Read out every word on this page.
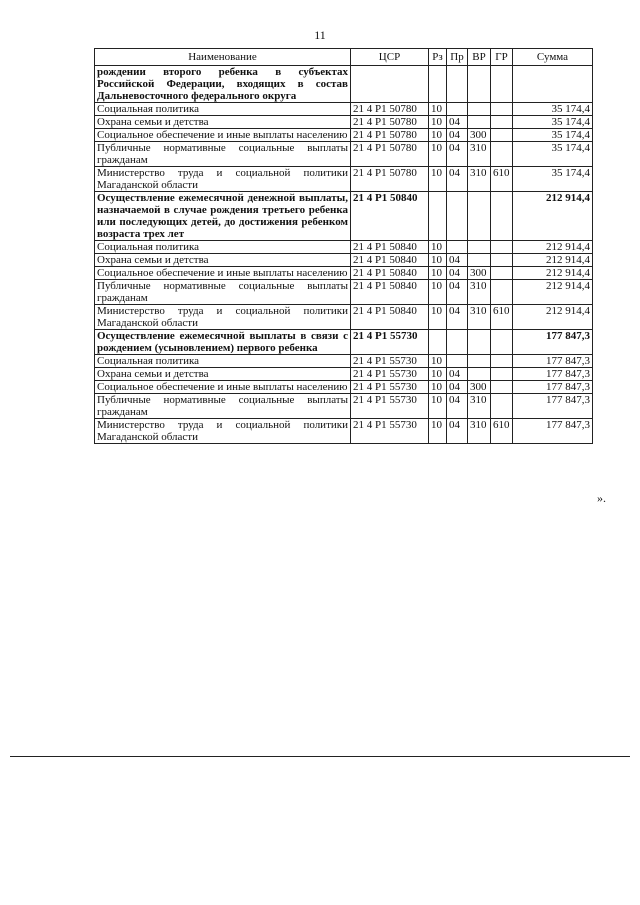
11
Наименование	ЦСР	Рз	Пр	ВР	ГР	Сумма
рождении второго ребенка в субъектах Российской Федерации, входящих в состав Дальневосточного федерального округа						
Социальная политика	21 4 P1 50780	10				35 174,4
Охрана семьи и детства	21 4 P1 50780	10	04			35 174,4
Социальное обеспечение и иные выплаты населению	21 4 P1 50780	10	04	300		35 174,4
Публичные нормативные социальные выплаты гражданам	21 4 P1 50780	10	04	310		35 174,4
Министерство труда и социальной политики Магаданской области	21 4 P1 50780	10	04	310	610	35 174,4
Осуществление ежемесячной денежной выплаты, назначаемой в случае рождения третьего ребенка или последующих детей, до достижения ребенком возраста трех лет	21 4 P1 50840					212 914,4
Социальная политика	21 4 P1 50840	10				212 914,4
Охрана семьи и детства	21 4 P1 50840	10	04			212 914,4
Социальное обеспечение и иные выплаты населению	21 4 P1 50840	10	04	300		212 914,4
Публичные нормативные социальные выплаты гражданам	21 4 P1 50840	10	04	310		212 914,4
Министерство труда и социальной политики Магаданской области	21 4 P1 50840	10	04	310	610	212 914,4
Осуществление ежемесячной выплаты в связи с рождением (усыновлением) первого ребенка	21 4 P1 55730					177 847,3
Социальная политика	21 4 P1 55730	10				177 847,3
Охрана семьи и детства	21 4 P1 55730	10	04			177 847,3
Социальное обеспечение и иные выплаты населению	21 4 P1 55730	10	04	300		177 847,3
Публичные нормативные социальные выплаты гражданам	21 4 P1 55730	10	04	310		177 847,3
Министерство труда и социальной политики Магаданской области	21 4 P1 55730	10	04	310	610	177 847,3
».
